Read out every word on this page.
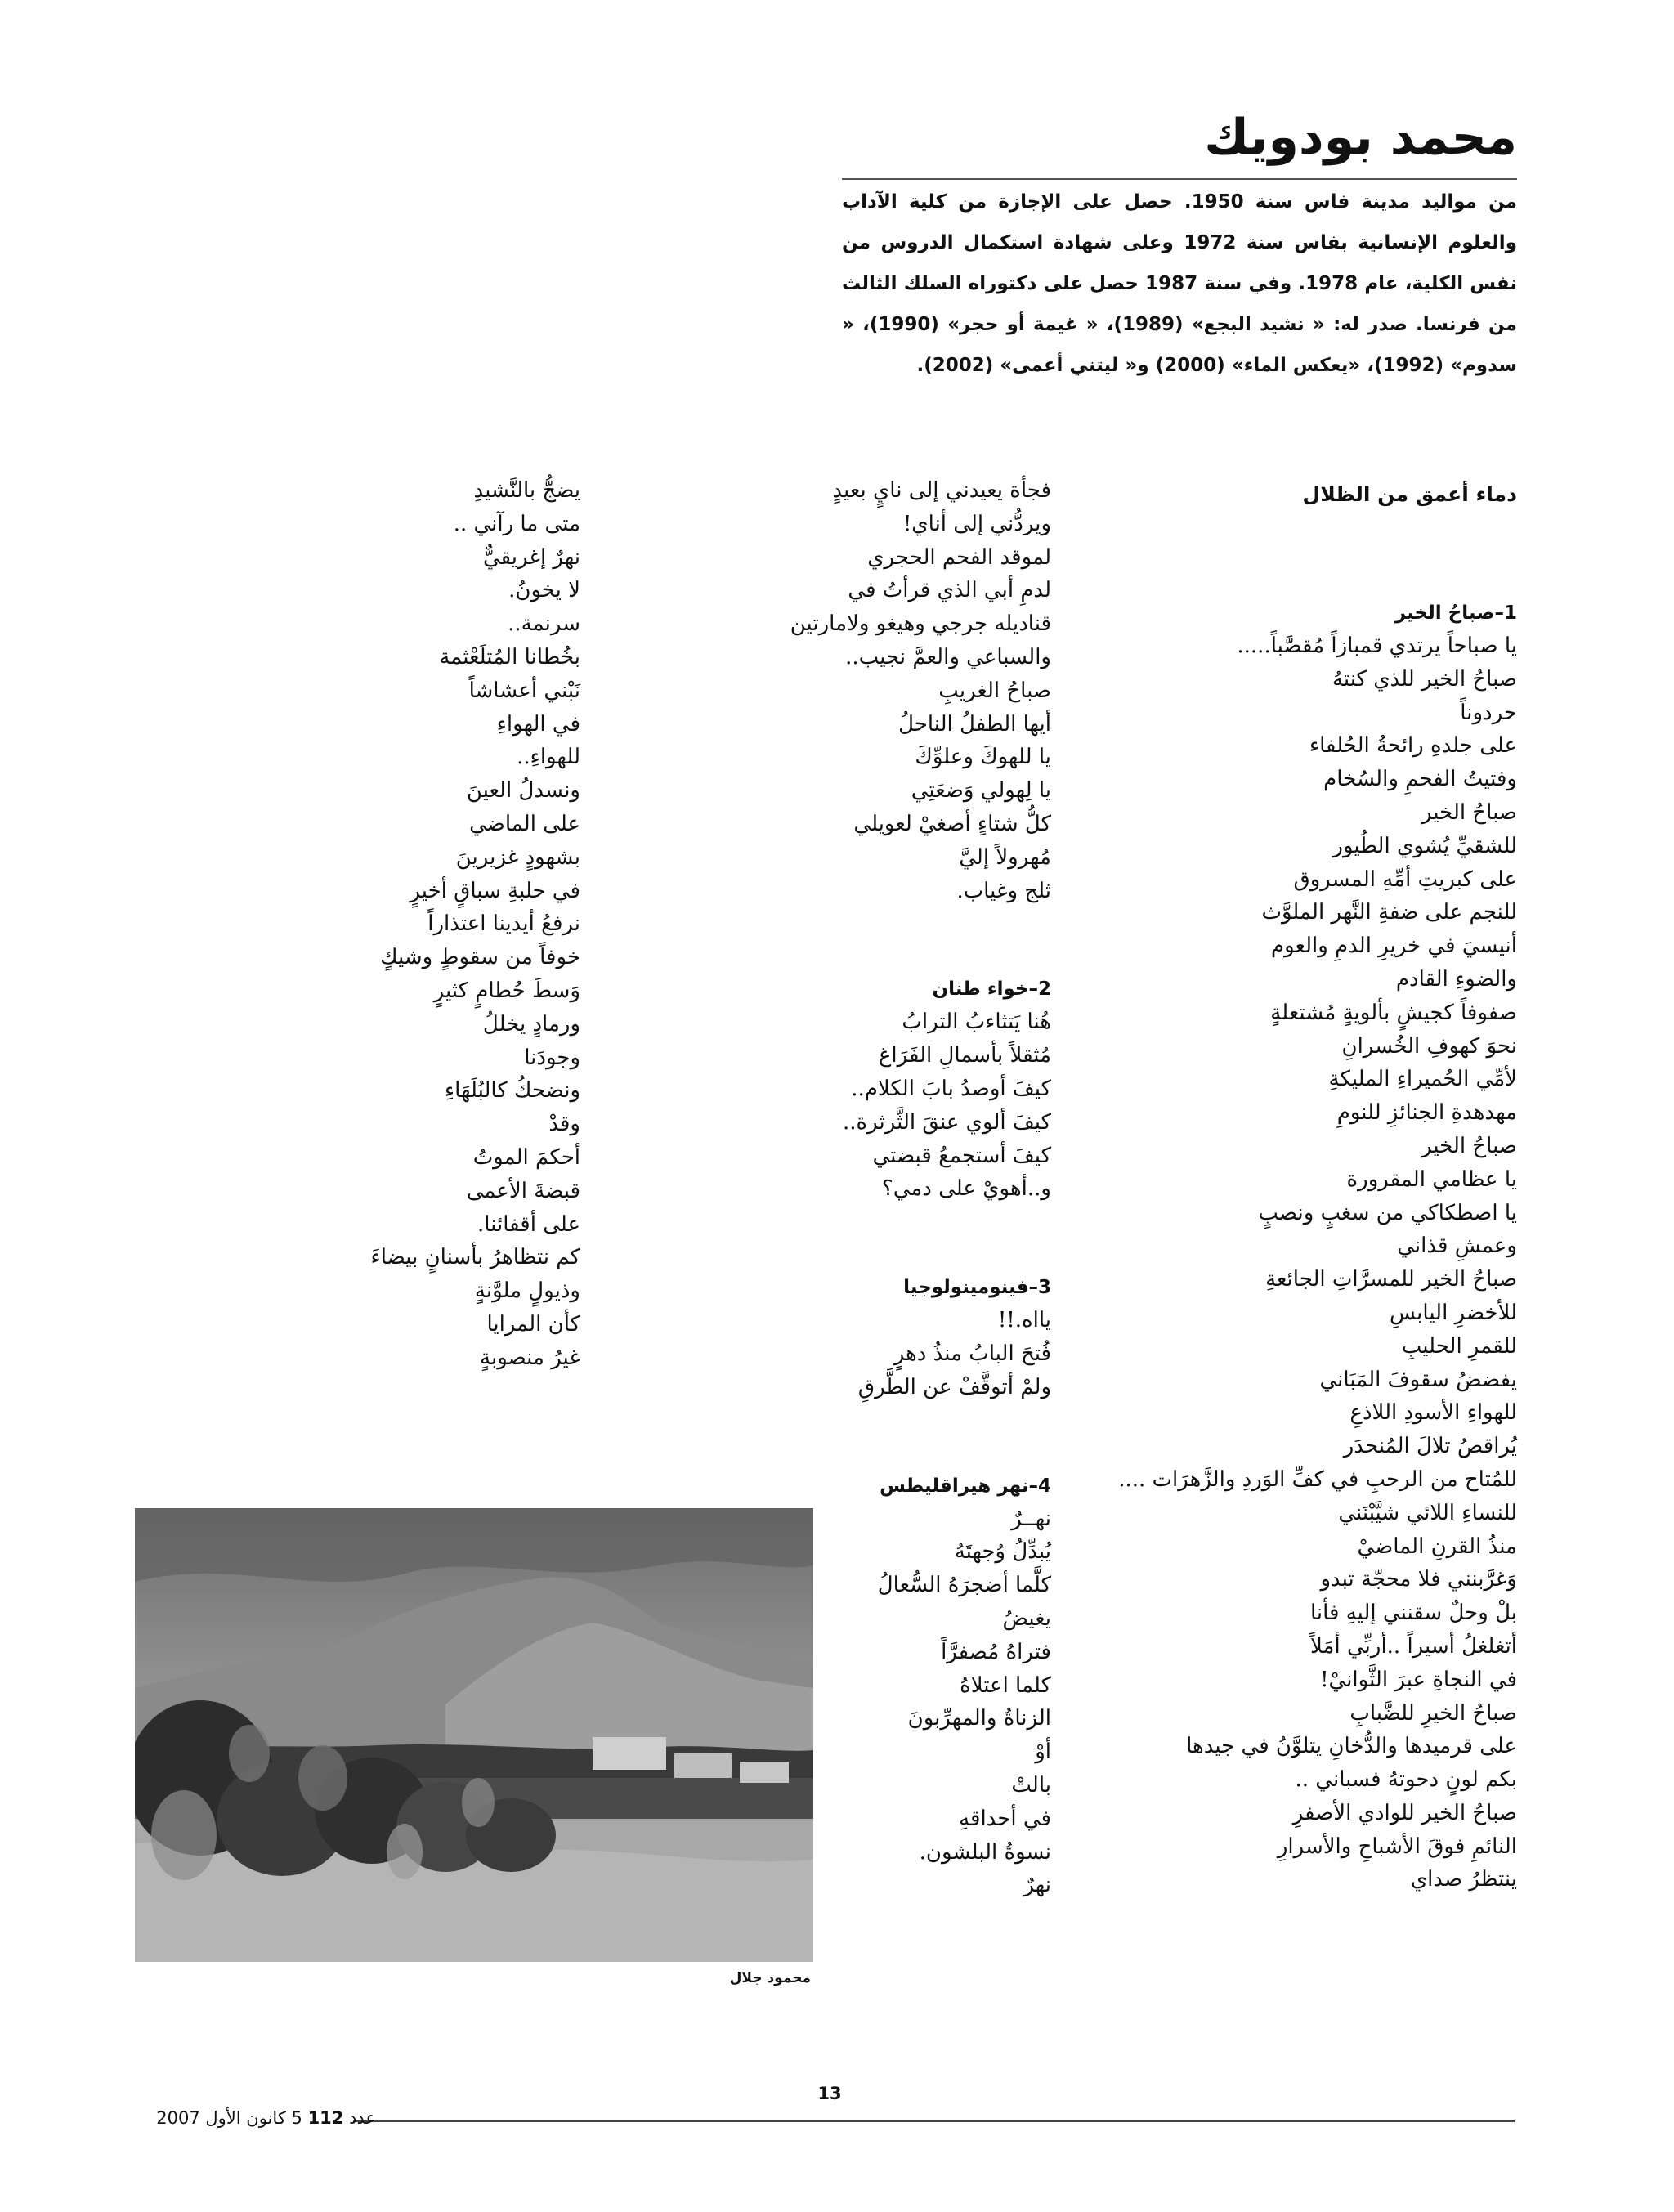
محمد بودويك
من مواليد مدينة فاس سنة 1950. حصل على الإجازة من كلية الآداب والعلوم الإنسانية بفاس سنة 1972 وعلى شهادة استكمال الدروس من نفس الكلية، عام 1978. وفي سنة 1987 حصل على دكتوراه السلك الثالث من فرنسا. صدر له: « نشيد البجع» (1989)، « غيمة أو حجر» (1990)، « سدوم» (1992)، «يعكس الماء» (2000) و« ليتني أعمى» (2002).
دماء أعمق من الظلال
1–صباحُ الخير
يا صباحاً يرتدي قمبازاً مُقصَّباً.....
صباحُ الخير للذي كنتهُ
حردوناً
على جلدهِ رائحةُ الحُلفاء
وفتيتُ الفحمِ والسُخام
صباحُ الخير
للشقيِّ يُشوي الطُيور
على كبريتِ أمِّهِ المسروق
للنجم على ضفةِ النَّهر الملوَّث
أنيسيَ في خريرِ الدمِ والعوم
والضوءِ القادم
صفوفاً كجيشٍ بألويةٍ مُشتعلةٍ
نحوَ كهوفِ الخُسرانِ
لأمِّي الحُميراءِ المليكةِ
مهدهدةِ الجنائزِ للنومِ
صباحُ الخير
يا عظامي المقرورة
يا اصطكاكي من سغبٍ ونصبٍ
وعمشِ قذاني
صباحُ الخير للمسرَّاتِ الجائعةِ
للأخضرِ اليابسِ
للقمرِ الحليبِ
يفضضُ سقوفَ المَبَاني
للهواءِ الأسودِ اللاذعِ
يُراقصُ تلالَ المُنحدَر
للمُتاح من الرحبِ في كفِّ الوَردِ والزَّهرَات ....
للنساءِ اللائي شيَّبْنَني
منذُ القرنِ الماضيْ
وَغرَّبنني فلا محجّة تبدو
بلْ وحلٌ سقنني إليهِ فأنا
أتغلغلُ أسيراً ..أربِّي أمَلاً
في النجاةِ عبرَ الثَّوانيْ!
صباحُ الخيرِ للضَّبابِ
على قرميدها والدُّخانِ يتلوَّنُ في جيدها
بكم لونٍ دحوتهُ فسباني ..
صباحُ الخير للوادي الأصفرِ
النائمِ فوقَ الأشباحِ والأسرارِ
ينتظرُ صداي
فجأة يعيدني إلى نايٍ بعيدٍ
ويردُّني إلى أناي!
لموقد الفحم الحجري
لدمِ أبي الذي قرأتُ في
قناديله جرجي وهيغو ولامارتين
والسباعي والعمَّ نجيب..
صباحُ الغريبِ
أيها الطفلُ الناحلُ
يا للهوكَ وعلوِّكَ
يا لِهولي وَضعَتِي
كلُّ شتاءٍ أصغيْ لعويلي
مُهرولاً إليَّ
ثلج وغياب.
2–خواء طنان
هُنا يَتثاءبُ الترابُ
مُثقلاً بأسمالِ الفَرَاغ
كيفَ أوصدُ بابَ الكلام..
كيفَ ألوي عنقَ الثَّرثرة..
كيفَ أستجمعُ قبضتي
و..أهويْ على دمي؟
3–فينومينولوجيا
يااه.!!
فُتحَ البابُ منذُ دهرٍ
ولمْ أتوقَّفْ عن الطَّرقِ
4–نهر هيراقليطس
نهــرٌ
يُبدِّلُ وُجهتَهُ
كلَّما أضجرَهُ السُّعالُ
يغيضُ
فتراهُ مُصفرَّاً
كلما اعتلاهُ
الزناةُ والمهرِّبونَ
أوْ
بالتْ
في أحداقهِ
نسوةُ البلشون.
نهرٌ
يضجُّ بالنَّشيدِ
متى ما رآني ..
نهرٌ إغريقيٌّ
لا يخونُ.
سرنمة..
بخُطانا المُتلَعْثمة
نَبْني أعشاشاً
في الهواءِ
للهواءِ..
ونسدلُ العينَ
على الماضي
بشهودٍ غزيرينَ
في حلبةِ سباقٍ أخيرٍ
نرفعُ أيدينا اعتذاراً
خوفاً من سقوطٍ وشيكٍ
وَسطَ حُطامٍ كثيرٍ
ورمادٍ يخللُ
وجودَنا
ونضحكُ كالبُلَهَاءِ
وقدْ
أحكمَ الموتُ
قبضةَ الأعمى
على أقفائنا.
كم نتظاهرُ بأسنانٍ بيضاءَ
وذيولٍ ملوَّنةٍ
كأن المرايا
غيرُ منصوبةٍ
محمود جلال
13
عدد 112 5 كانون الأول 2007
